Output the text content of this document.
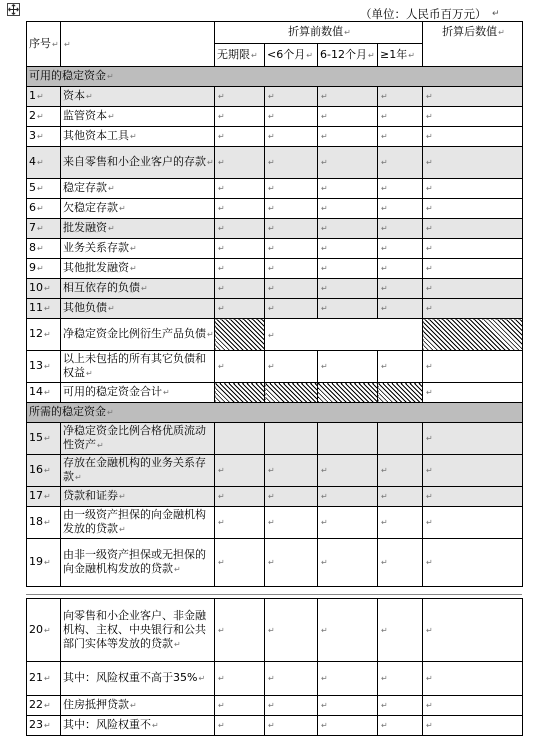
（单位：人民币百万元） ↵
序号↵	↵	折算前数值↵				折算后数值↵
		无期限↵	<6个月↵	6-12个月↵	≥1年↵	
可用的稳定资金↵						
1↵	资本↵	↵	↵	↵	↵	↵
2↵	监管资本↵	↵	↵	↵	↵	↵
3↵	其他资本工具↵	↵	↵	↵	↵	↵
4↵	来自零售和小企业客户的存款↵	↵	↵	↵	↵	↵
5↵	稳定存款↵	↵	↵	↵	↵	↵
6↵	欠稳定存款↵	↵	↵	↵	↵	↵
7↵	批发融资↵	↵	↵	↵	↵	↵
8↵	业务关系存款↵	↵	↵	↵	↵	↵
9↵	其他批发融资↵	↵	↵	↵	↵	↵
10↵	相互依存的负债↵	↵	↵	↵	↵	↵
11↵	其他负债↵	↵	↵	↵	↵	↵
12↵	净稳定资金比例衍生产品负债↵		↵			
13↵	以上未包括的所有其它负债和权益↵	↵	↵	↵	↵	↵
14↵	可用的稳定资金合计↵					↵
所需的稳定资金↵						
15↵	净稳定资金比例合格优质流动性资产↵					↵
16↵	存放在金融机构的业务关系存款↵	↵	↵	↵	↵	↵
17↵	贷款和证券↵	↵	↵	↵	↵	↵
18↵	由一级资产担保的向金融机构发放的贷款↵	↵	↵	↵	↵	↵
19↵	由非一级资产担保或无担保的向金融机构发放的贷款↵	↵	↵	↵	↵	↵
20↵	向零售和小企业客户、非金融机构、主权、中央银行和公共部门实体等发放的贷款↵	↵	↵	↵	↵	↵
21↵	其中：风险权重不高于35%↵	↵	↵	↵	↵	↵
22↵	住房抵押贷款↵	↵	↵	↵	↵	↵
23↵	其中：风险权重不↵	↵	↵	↵	↵	↵
